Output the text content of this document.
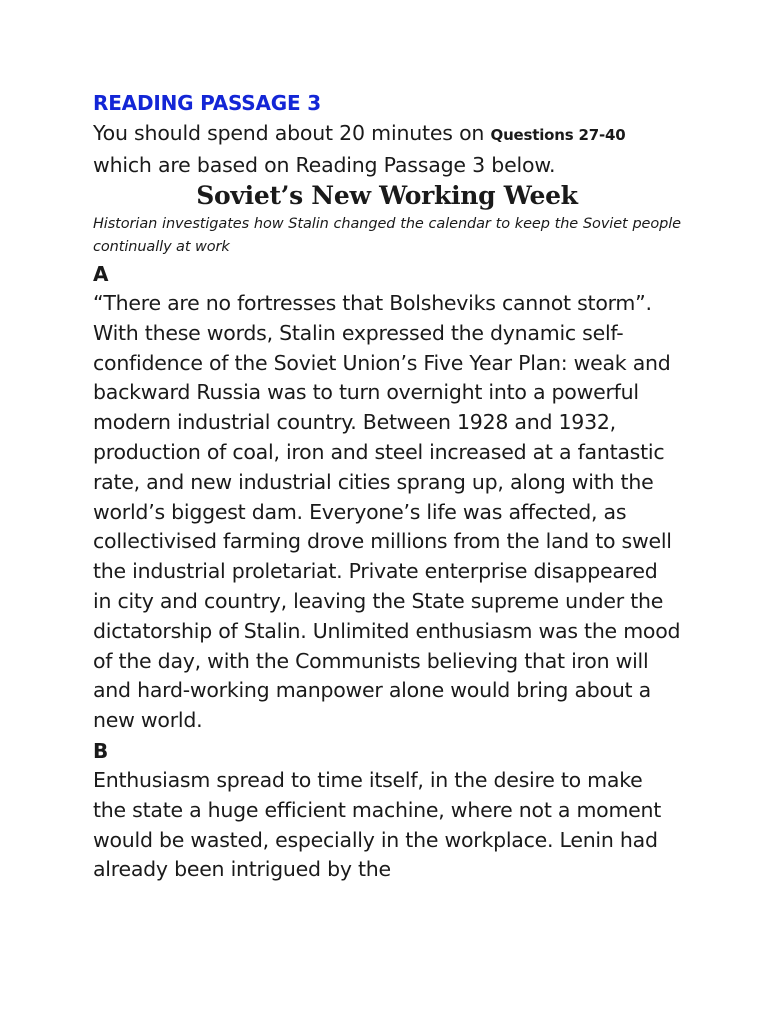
READING PASSAGE 3
You should spend about 20 minutes on Questions 27-40 which are based on Reading Passage 3 below.
Soviet’s New Working Week
Historian investigates how Stalin changed the calendar to keep the Soviet people continually at work
A
“There are no fortresses that Bolsheviks cannot storm”. With these words, Stalin expressed the dynamic self-confidence of the Soviet Union’s Five Year Plan: weak and backward Russia was to turn overnight into a powerful modern industrial country. Between 1928 and 1932, production of coal, iron and steel increased at a fantastic rate, and new industrial cities sprang up, along with the world’s biggest dam. Everyone’s life was affected, as collectivised farming drove millions from the land to swell the industrial proletariat. Private enterprise disappeared in city and country, leaving the State supreme under the dictatorship of Stalin. Unlimited enthusiasm was the mood of the day, with the Communists believing that iron will and hard-working manpower alone would bring about a new world.
B
Enthusiasm spread to time itself, in the desire to make the state a huge efficient machine, where not a moment would be wasted, especially in the workplace. Lenin had already been intrigued by the
